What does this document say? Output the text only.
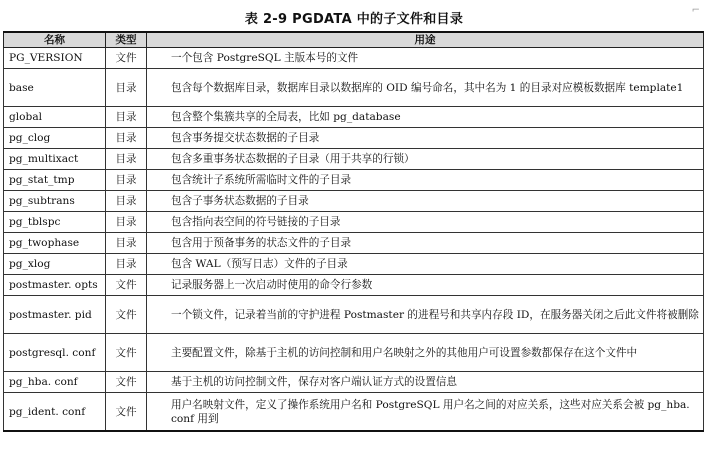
表 2-9 PGDATA 中的子文件和目录
⌐
名称	类型	用途
PG_VERSION	文件	一个包含 PostgreSQL 主版本号的文件
base	目录	包含每个数据库目录，数据库目录以数据库的 OID 编号命名，其中名为 1 的目录对应模板数据库 template1
global	目录	包含整个集簇共享的全局表，比如 pg_database
pg_clog	目录	包含事务提交状态数据的子目录
pg_multixact	目录	包含多重事务状态数据的子目录（用于共享的行锁）
pg_stat_tmp	目录	包含统计子系统所需临时文件的子目录
pg_subtrans	目录	包含子事务状态数据的子目录
pg_tblspc	目录	包含指向表空间的符号链接的子目录
pg_twophase	目录	包含用于预备事务的状态文件的子目录
pg_xlog	目录	包含 WAL（预写日志）文件的子目录
postmaster. opts	文件	记录服务器上一次启动时使用的命令行参数
postmaster. pid	文件	一个锁文件，记录着当前的守护进程 Postmaster 的进程号和共享内存段 ID，在服务器关闭之后此文件将被删除
postgresql. conf	文件	主要配置文件，除基于主机的访问控制和用户名映射之外的其他用户可设置参数都保存在这个文件中
pg_hba. conf	文件	基于主机的访问控制文件，保存对客户端认证方式的设置信息
pg_ident. conf	文件	用户名映射文件，定义了操作系统用户名和 PostgreSQL 用户名之间的对应关系，这些对应关系会被 pg_hba. conf 用到
